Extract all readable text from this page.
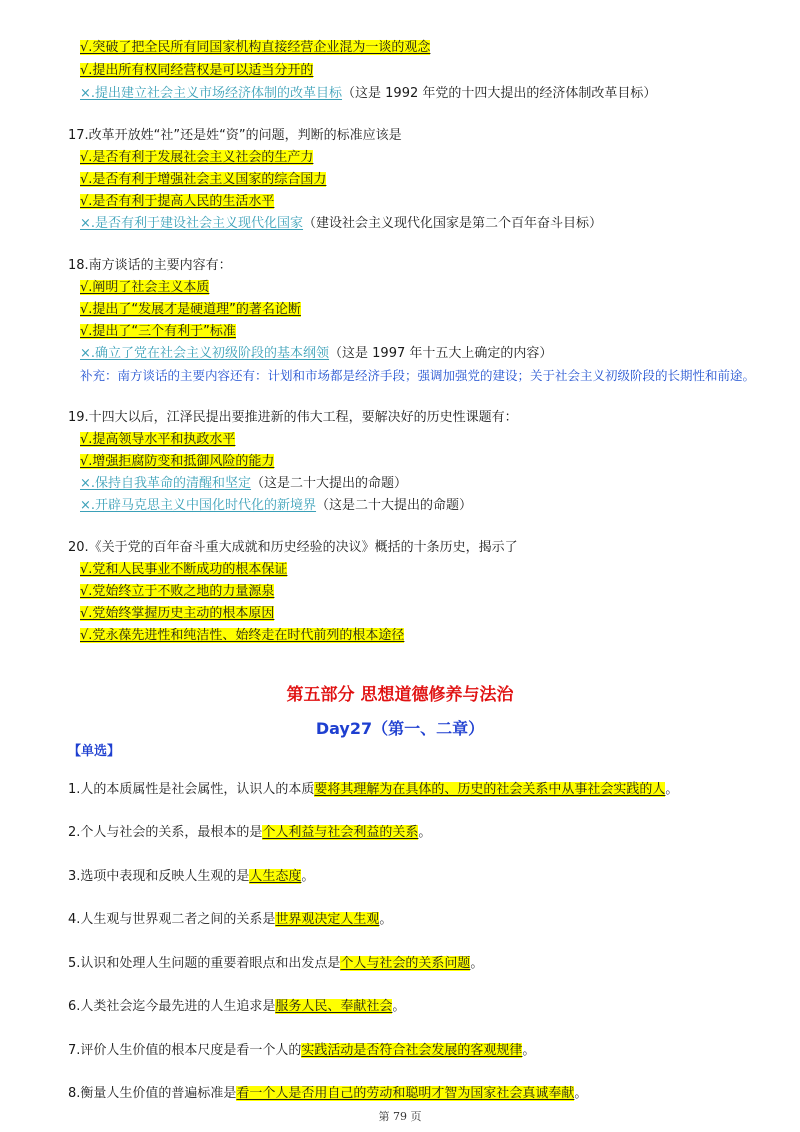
√.突破了把全民所有同国家机构直接经营企业混为一谈的观念
√.提出所有权同经营权是可以适当分开的
×.提出建立社会主义市场经济体制的改革目标（这是 1992 年党的十四大提出的经济体制改革目标）
17.改革开放姓“社”还是姓“资”的问题，判断的标准应该是
√.是否有利于发展社会主义社会的生产力
√.是否有利于增强社会主义国家的综合国力
√.是否有利于提高人民的生活水平
×.是否有利于建设社会主义现代化国家（建设社会主义现代化国家是第二个百年奋斗目标）
18.南方谈话的主要内容有：
√.阐明了社会主义本质
√.提出了“发展才是硬道理”的著名论断
√.提出了“三个有利于”标准
×.确立了党在社会主义初级阶段的基本纲领（这是 1997 年十五大上确定的内容）
补充：南方谈话的主要内容还有：计划和市场都是经济手段；强调加强党的建设；关于社会主义初级阶段的长期性和前途。
19.十四大以后，江泽民提出要推进新的伟大工程，要解决好的历史性课题有：
√.提高领导水平和执政水平
√.增强拒腐防变和抵御风险的能力
×.保持自我革命的清醒和坚定（这是二十大提出的命题）
×.开辟马克思主义中国化时代化的新境界（这是二十大提出的命题）
20.《关于党的百年奋斗重大成就和历史经验的决议》概括的十条历史，揭示了
√.党和人民事业不断成功的根本保证
√.党始终立于不败之地的力量源泉
√.党始终掌握历史主动的根本原因
√.党永葆先进性和纯洁性、始终走在时代前列的根本途径
第五部分 思想道德修养与法治
Day27（第一、二章）
【单选】
1.人的本质属性是社会属性，认识人的本质要将其理解为在具体的、历史的社会关系中从事社会实践的人。
2.个人与社会的关系，最根本的是个人利益与社会利益的关系。
3.选项中表现和反映人生观的是人生态度。
4.人生观与世界观二者之间的关系是世界观决定人生观。
5.认识和处理人生问题的重要着眼点和出发点是个人与社会的关系问题。
6.人类社会迄今最先进的人生追求是服务人民、奉献社会。
7.评价人生价值的根本尺度是看一个人的实践活动是否符合社会发展的客观规律。
8.衡量人生价值的普遍标准是看一个人是否用自己的劳动和聪明才智为国家社会真诚奉献。
第 79 页
